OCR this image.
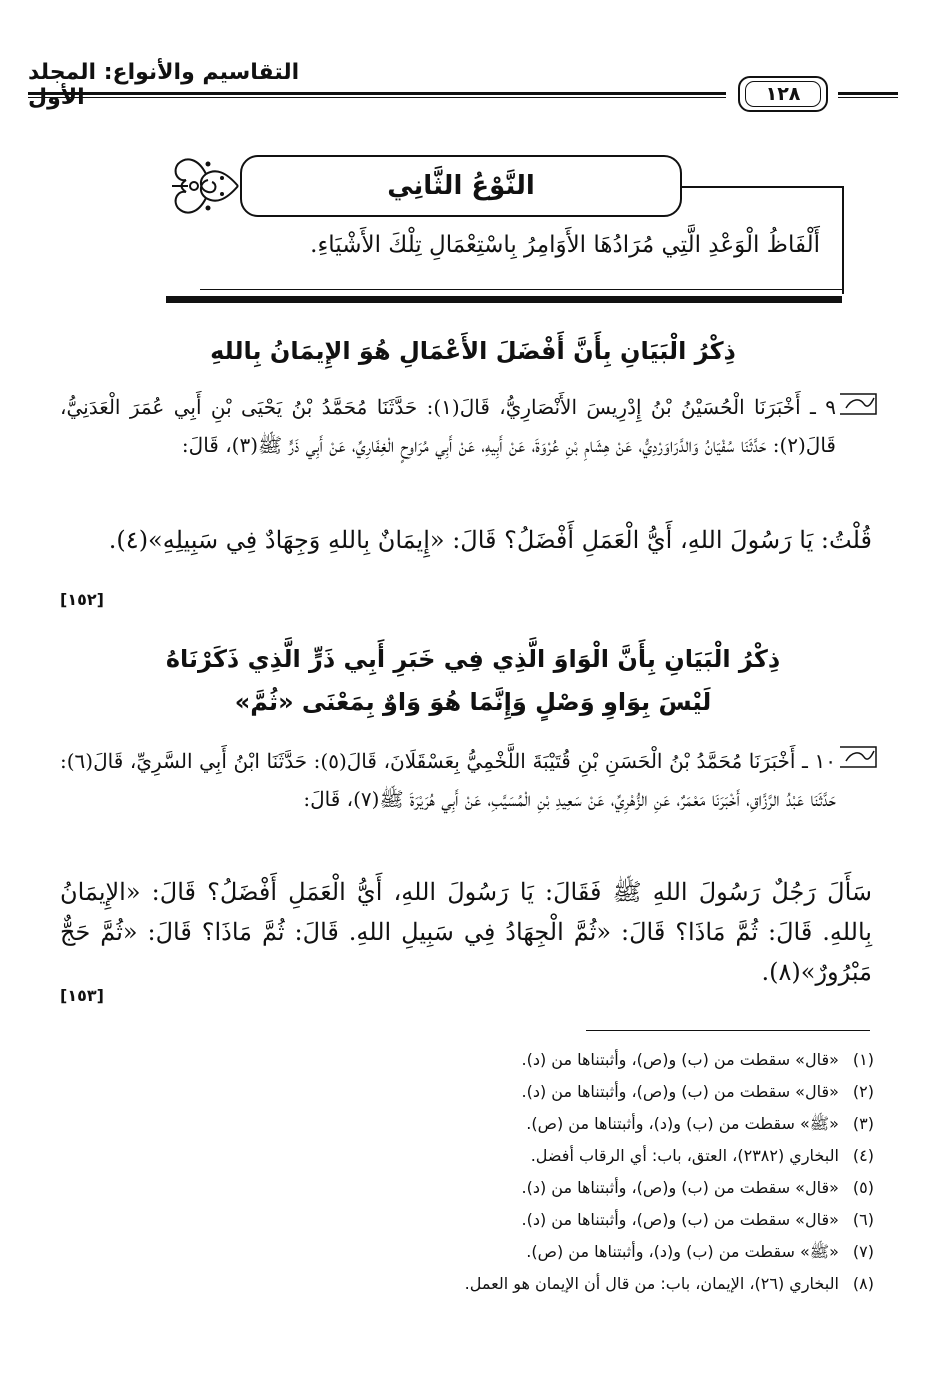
التقاسيم والأنواع: المجلد
١٢٨
النَّوْعُ الثَّانِي
أَلْفَاظُ الْوَعْدِ الَّتِي مُرَادُهَا الأَوَامِرُ بِاسْتِعْمَالِ تِلْكَ الأَشْيَاءِ.
ذِكْرُ الْبَيَانِ بِأَنَّ أَفْضَلَ الأَعْمَالِ هُوَ الإِيمَانُ بِاللهِ
٩ ـ أَخْبَرَنَا الْحُسَيْنُ بْنُ إِدْرِيسَ الأَنْصَارِيُّ، قَالَ(١): حَدَّثَنَا مُحَمَّدُ بْنُ يَحْيَى بْنِ أَبِي عُمَرَ الْعَدَنِيُّ، قَالَ(٢): حَدَّثَنَا سُفْيَانُ وَالدَّرَاوَرْدِيُّ، عَنْ هِشَامِ بْنِ عُرْوَةَ، عَنْ أَبِيهِ، عَنْ أَبِي مُرَاوِحٍ الْغِفَارِيِّ، عَنْ أَبِي ذَرٍّ ﷺ(٣)، قَالَ:
قُلْتُ: يَا رَسُولَ اللهِ، أَيُّ الْعَمَلِ أَفْضَلُ؟ قَالَ: «إِيمَانٌ بِاللهِ وَجِهَادٌ فِي سَبِيلِهِ»(٤).
[١٥٢]
ذِكْرُ الْبَيَانِ بِأَنَّ الْوَاوَ الَّذِي فِي خَبَرِ أَبِي ذَرٍّ الَّذِي ذَكَرْنَاهُ
لَيْسَ بِوَاوِ وَصْلٍ وَإِنَّمَا هُوَ وَاوٌ بِمَعْنَى «ثُمَّ»
١٠ ـ أَخْبَرَنَا مُحَمَّدُ بْنُ الْحَسَنِ بْنِ قُتَيْبَةَ اللَّخْمِيُّ بِعَسْقَلَانَ، قَالَ(٥): حَدَّثَنَا ابْنُ أَبِي السَّرِيِّ، قَالَ(٦): حَدَّثَنَا عَبْدُ الرَّزَّاقِ، أَخْبَرَنَا مَعْمَرٌ، عَنِ الزُّهْرِيِّ، عَنْ سَعِيدِ بْنِ الْمُسَيَّبِ، عَنْ أَبِي هُرَيْرَةَ ﷺ(٧)، قَالَ:
سَأَلَ رَجُلٌ رَسُولَ اللهِ ﷺ فَقَالَ: يَا رَسُولَ اللهِ، أَيُّ الْعَمَلِ أَفْضَلُ؟ قَالَ: «الإِيمَانُ بِاللهِ. قَالَ: ثُمَّ مَاذَا؟ قَالَ: «ثُمَّ الْجِهَادُ فِي سَبِيلِ اللهِ. قَالَ: ثُمَّ مَاذَا؟ قَالَ: «ثُمَّ حَجٌّ مَبْرُورٌ»(٨).
[١٥٣]
(١)
«قال» سقطت من (ب) و(ص)، وأثبتناها من (د).
(٢)
«قال» سقطت من (ب) و(ص)، وأثبتناها من (د).
(٣)
«ﷺ» سقطت من (ب) و(د)، وأثبتناها من (ص).
(٤)
البخاري (٢٣٨٢)، العتق، باب: أي الرقاب أفضل.
(٥)
«قال» سقطت من (ب) و(ص)، وأثبتناها من (د).
(٦)
«قال» سقطت من (ب) و(ص)، وأثبتناها من (د).
(٧)
«ﷺ» سقطت من (ب) و(د)، وأثبتناها من (ص).
(٨)
البخاري (٢٦)، الإيمان، باب: من قال أن الإيمان هو العمل.
